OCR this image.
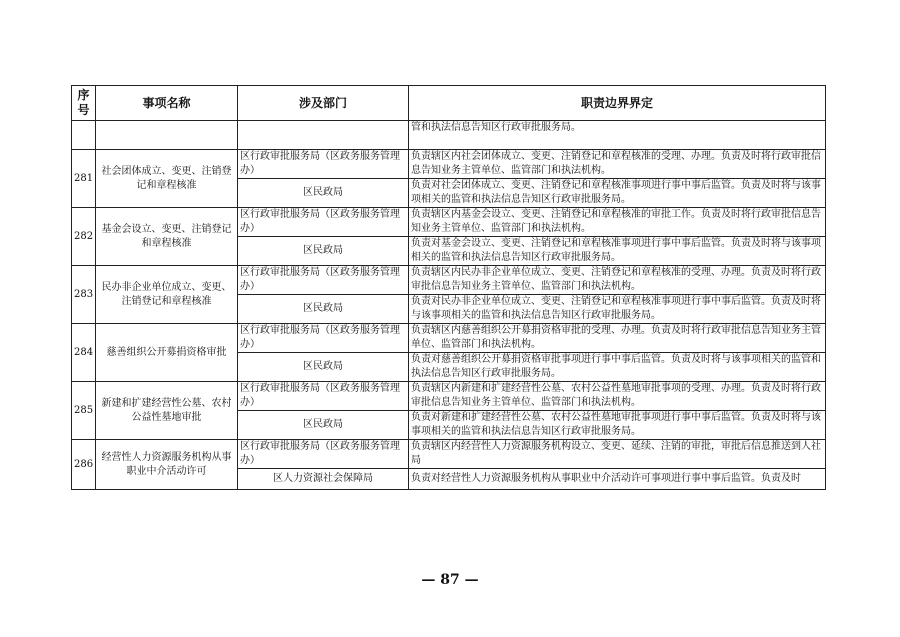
序号	事项名称	涉及部门	职责边界界定
			管和执法信息告知区行政审批服务局。
281	社会团体成立、变更、注销登记和章程核准	区行政审批服务局（区政务服务管理办）	负责辖区内社会团体成立、变更、注销登记和章程核准的受理、办理。负责及时将行政审批信息告知业务主管单位、监管部门和执法机构。
		区民政局	负责对社会团体成立、变更、注销登记和章程核准事项进行事中事后监管。负责及时将与该事项相关的监管和执法信息告知区行政审批服务局。
282	基金会设立、变更、注销登记和章程核准	区行政审批服务局（区政务服务管理办）	负责辖区内基金会设立、变更、注销登记和章程核准的审批工作。负责及时将行政审批信息告知业务主管单位、监管部门和执法机构。
		区民政局	负责对基金会设立、变更、注销登记和章程核准事项进行事中事后监管。负责及时将与该事项相关的监管和执法信息告知区行政审批服务局。
283	民办非企业单位成立、变更、注销登记和章程核准	区行政审批服务局（区政务服务管理办）	负责辖区内民办非企业单位成立、变更、注销登记和章程核准的受理、办理。负责及时将行政审批信息告知业务主管单位、监管部门和执法机构。
		区民政局	负责对民办非企业单位成立、变更、注销登记和章程核准事项进行事中事后监管。负责及时将与该事项相关的监管和执法信息告知区行政审批服务局。
284	慈善组织公开募捐资格审批	区行政审批服务局（区政务服务管理办）	负责辖区内慈善组织公开募捐资格审批的受理、办理。负责及时将行政审批信息告知业务主管单位、监管部门和执法机构。
		区民政局	负责对慈善组织公开募捐资格审批事项进行事中事后监管。负责及时将与该事项相关的监管和执法信息告知区行政审批服务局。
285	新建和扩建经营性公墓、农村公益性墓地审批	区行政审批服务局（区政务服务管理办）	负责辖区内新建和扩建经营性公墓、农村公益性墓地审批事项的受理、办理。负责及时将行政审批信息告知业务主管单位、监管部门和执法机构。
		区民政局	负责对新建和扩建经营性公墓、农村公益性墓地审批事项进行事中事后监管。负责及时将与该事项相关的监管和执法信息告知区行政审批服务局。
286	经营性人力资源服务机构从事职业中介活动许可	区行政审批服务局（区政务服务管理办）	负责辖区内经营性人力资源服务机构设立、变更、延续、注销的审批，审批后信息推送到人社局
		区人力资源社会保障局	负责对经营性人力资源服务机构从事职业中介活动许可事项进行事中事后监管。负责及时
— 87 —
